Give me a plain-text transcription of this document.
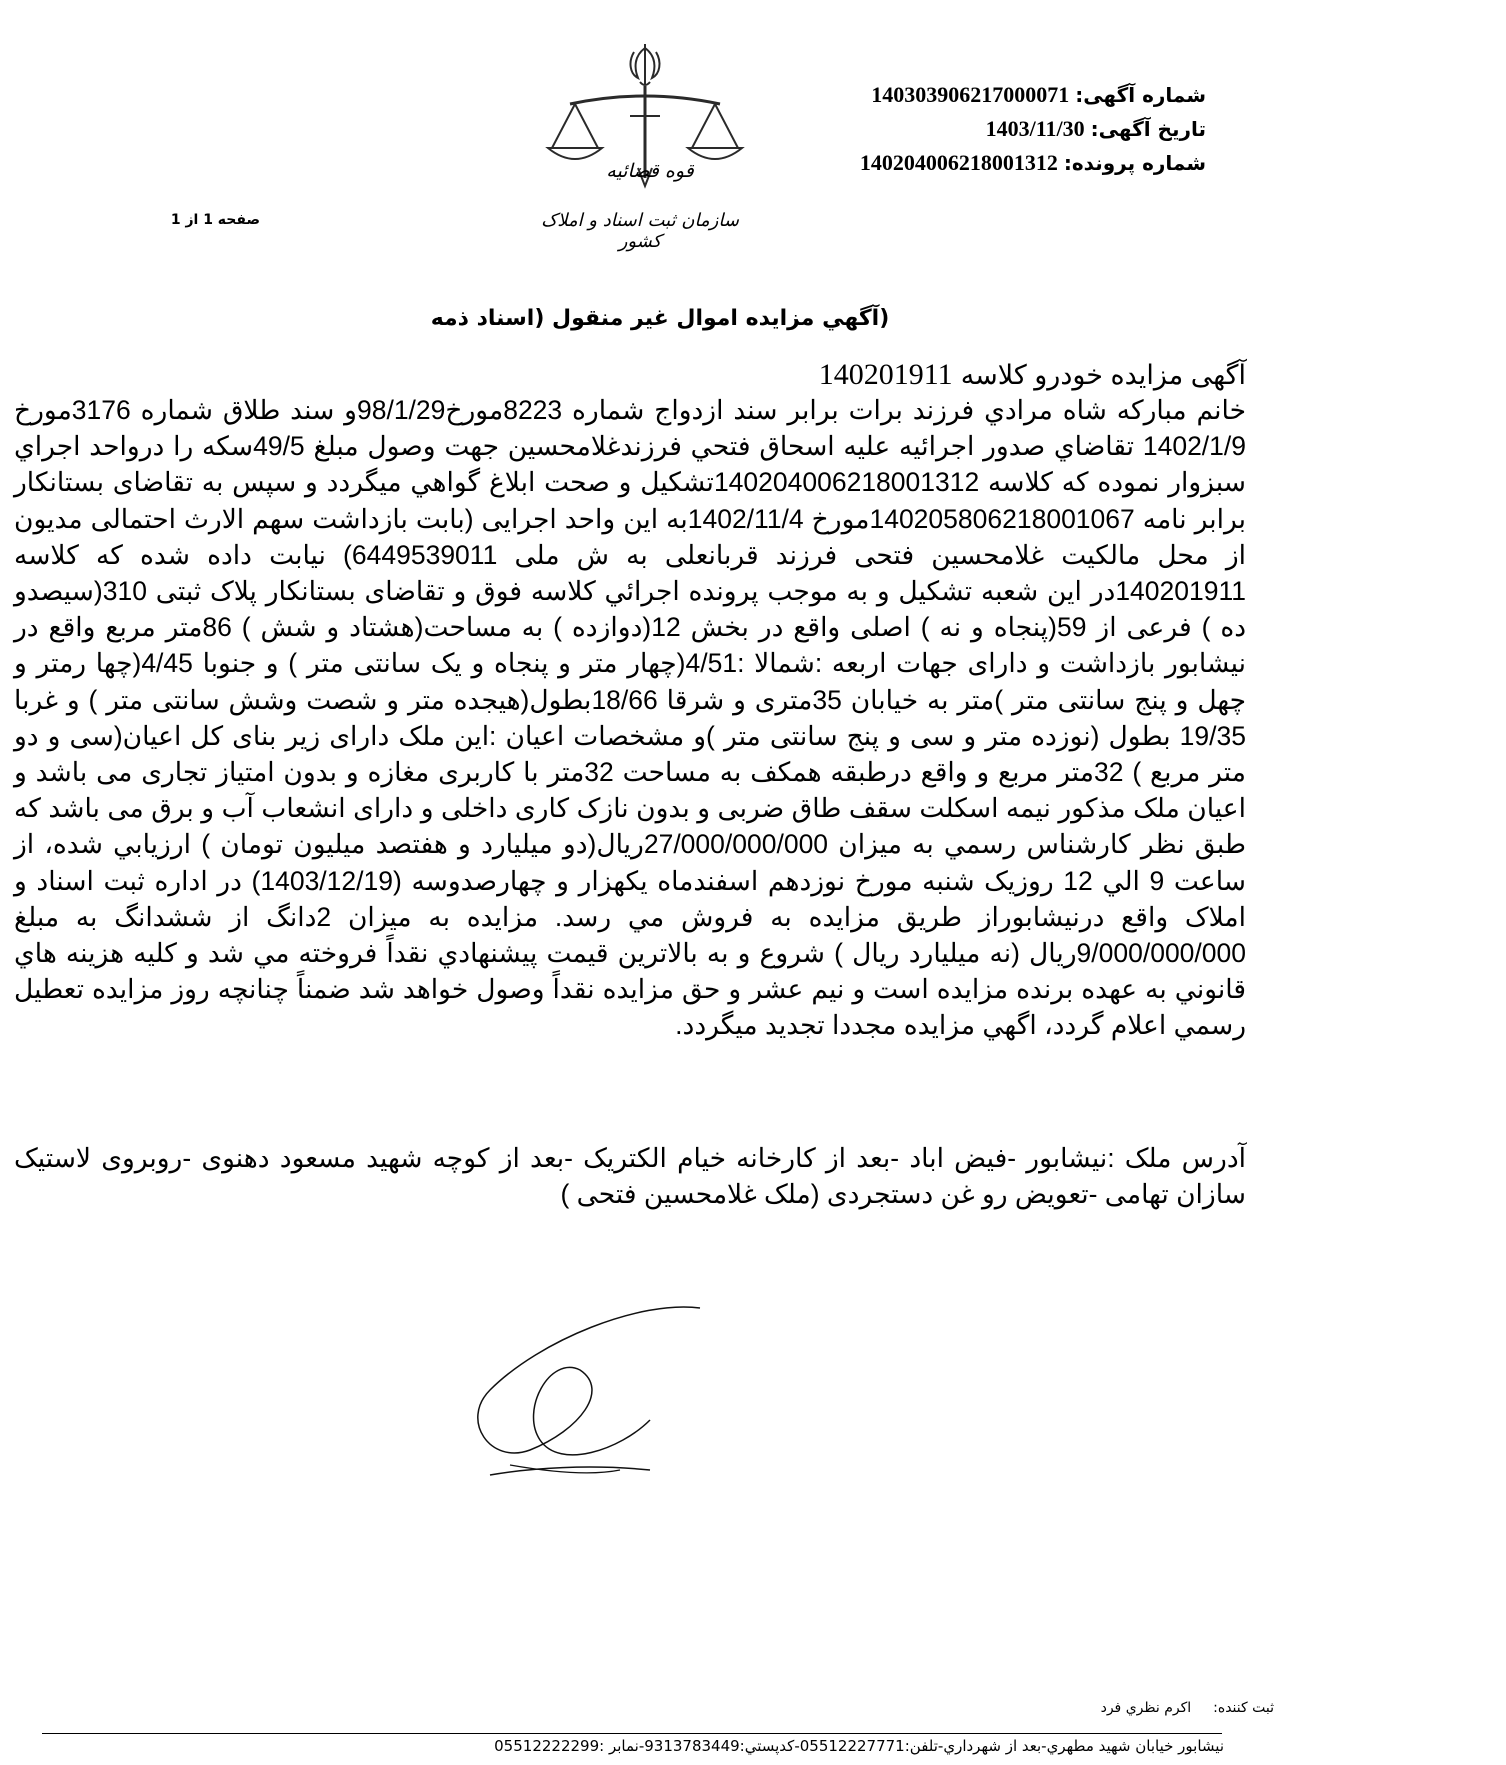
شماره آگهی:140303906217000071
تاریخ آگهی:1403/11/30
شماره پرونده:14020400621800131​2
قوه قضائیه
سازمان ثبت اسناد و املاک کشور
صفحه 1 از 1
(آگهي مزايده اموال غير منقول (اسناد ذمه
آگهی مزایده خودرو کلاسه140201911

خانم مبارکه شاه مرادي فرزند برات برابر سند ازدواج شماره 8223مورخ98/1/29و سند طلاق شماره 3176مورخ 1402/1/9 تقاضاي صدور اجرائيه عليه اسحاق فتحي فرزندغلامحسين جهت وصول مبلغ 49/5سکه را درواحد اجراي سبزوار نموده که کلاسه 14020400621800131​2تشکيل و صحت ابلاغ گواهي ميگردد و سپس به تقاضای بستانکار برابر نامه 14020580621800106​7مورخ 1402/11/4به این واحد اجرایی (بابت بازداشت سهم الارث احتمالی مدیون از محل مالکیت غلامحسین فتحی فرزند قربانعلی به ش ملی 6449539011) نيابت داده شده که کلاسه 140201911در اين شعبه تشکيل و به موجب پرونده اجرائي کلاسه فوق و تقاضای بستانکار پلاک ثبتی 310(سیصدو ده ) فرعی از 59(پنجاه و نه ) اصلی واقع در بخش 12(دوازده ) به مساحت(هشتاد و شش ) 86متر مربع واقع در نیشابور بازداشت و دارای جهات اربعه :شمالا :4/51(چهار متر و پنجاه و یک سانتی متر ) و جنوبا 4/45(چها رمتر و چهل و پنج سانتی متر )متر به خیابان 35متری و شرقا 18/66بطول(هیجده متر و شصت وشش سانتی متر ) و غربا 19/35 بطول (نوزده متر و سی و پنج سانتی متر )و مشخصات اعیان :این ملک دارای زیر بنای کل اعیان(سی و دو متر مربع ) 32متر مربع و واقع درطبقه همکف به مساحت 32متر با کاربری مغازه و بدون امتیاز تجاری می باشد و اعیان ملک مذکور نیمه اسکلت سقف طاق ضربی و بدون نازک کاری داخلی و دارای انشعاب آب و برق می باشد که طبق نظر کارشناس رسمي به ميزان 27/000/000/000ريال(دو میلیارد و هفتصد میلیون تومان ) ارزيابي شده، از ساعت 9 الي 12 روزيک شنبه مورخ نوزدهم اسفندماه يکهزار و چهارصدوسه (1403/12/19) در اداره ثبت اسناد و املاک واقع درنیشابوراز طريق مزايده به فروش مي رسد. مزايده به ميزان 2دانگ از ششدانگ به مبلغ 9/000/000/000ريال (نه میلیارد ريال ) شروع و به بالاترين قيمت پيشنهادي نقداً فروخته مي شد و کليه هزينه هاي قانوني به عهده برنده مزايده است و نيم عشر و حق مزايده نقداً وصول خواهد شد ضمناً چنانچه روز مزايده تعطيل رسمي اعلام گردد، اگهي مزايده مجددا تجديد ميگردد.

آدرس ملک :نیشابور -فیض اباد -بعد از کارخانه خیام الکتریک -بعد از کوچه شهید مسعود دهنوی -روبروی لاستیک سازان تهامی -تعویض رو غن دستجردی (ملک غلامحسین فتحی )
ثبت کننده:اکرم نظري فرد
نيشابور خيابان شهيد مطهري-بعد از شهرداري-تلفن:05512227771-کدپستي:9313783449-نمابر :05512222299
